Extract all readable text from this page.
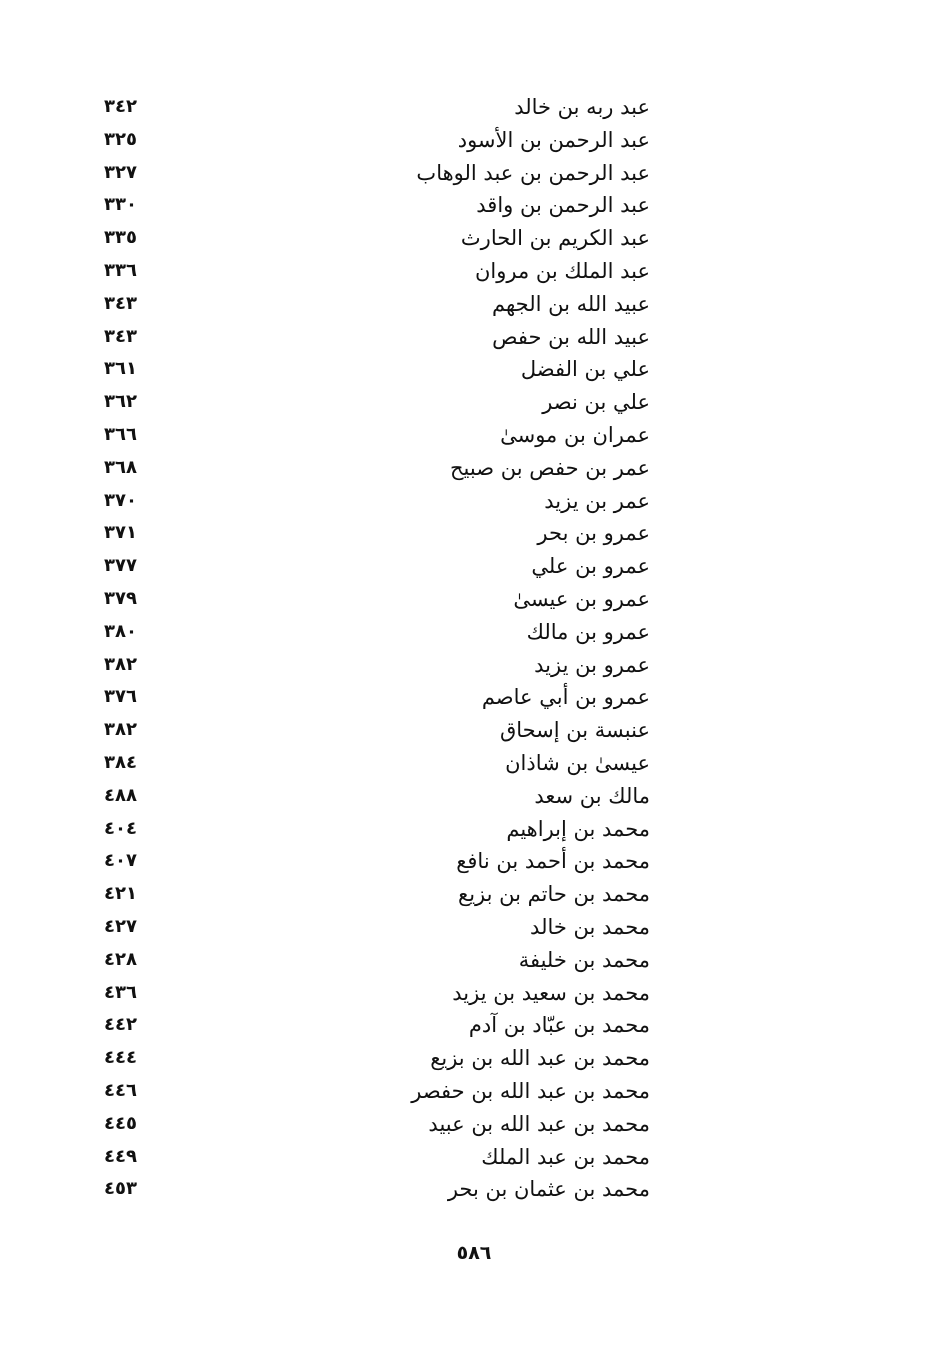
عبد ربه بن خالد
٣٤٢
عبد الرحمن بن الأسود
٣٢٥
عبد الرحمن بن عبد الوهاب
٣٢٧
عبد الرحمن بن واقد
٣٣٠
عبد الكريم بن الحارث
٣٣٥
عبد الملك بن مروان
٣٣٦
عبيد الله بن الجهم
٣٤٣
عبيد الله بن حفص
٣٤٣
علي بن الفضل
٣٦١
علي بن نصر
٣٦٢
عمران بن موسىٰ
٣٦٦
عمر بن حفص بن صبيح
٣٦٨
عمر بن يزيد
٣٧٠
عمرو بن بحر
٣٧١
عمرو بن علي
٣٧٧
عمرو بن عيسىٰ
٣٧٩
عمرو بن مالك
٣٨٠
عمرو بن يزيد
٣٨٢
عمرو بن أبي عاصم
٣٧٦
عنبسة بن إسحاق
٣٨٢
عيسىٰ بن شاذان
٣٨٤
مالك بن سعد
٤٨٨
محمد بن إبراهيم
٤٠٤
محمد بن أحمد بن نافع
٤٠٧
محمد بن حاتم بن بزيع
٤٢١
محمد بن خالد
٤٢٧
محمد بن خليفة
٤٢٨
محمد بن سعيد بن يزيد
٤٣٦
محمد بن عبّاد بن آدم
٤٤٢
محمد بن عبد الله بن بزيع
٤٤٤
محمد بن عبد الله بن حفصر
٤٤٦
محمد بن عبد الله بن عبيد
٤٤٥
محمد بن عبد الملك
٤٤٩
محمد بن عثمان بن بحر
٤٥٣
٥٨٦
